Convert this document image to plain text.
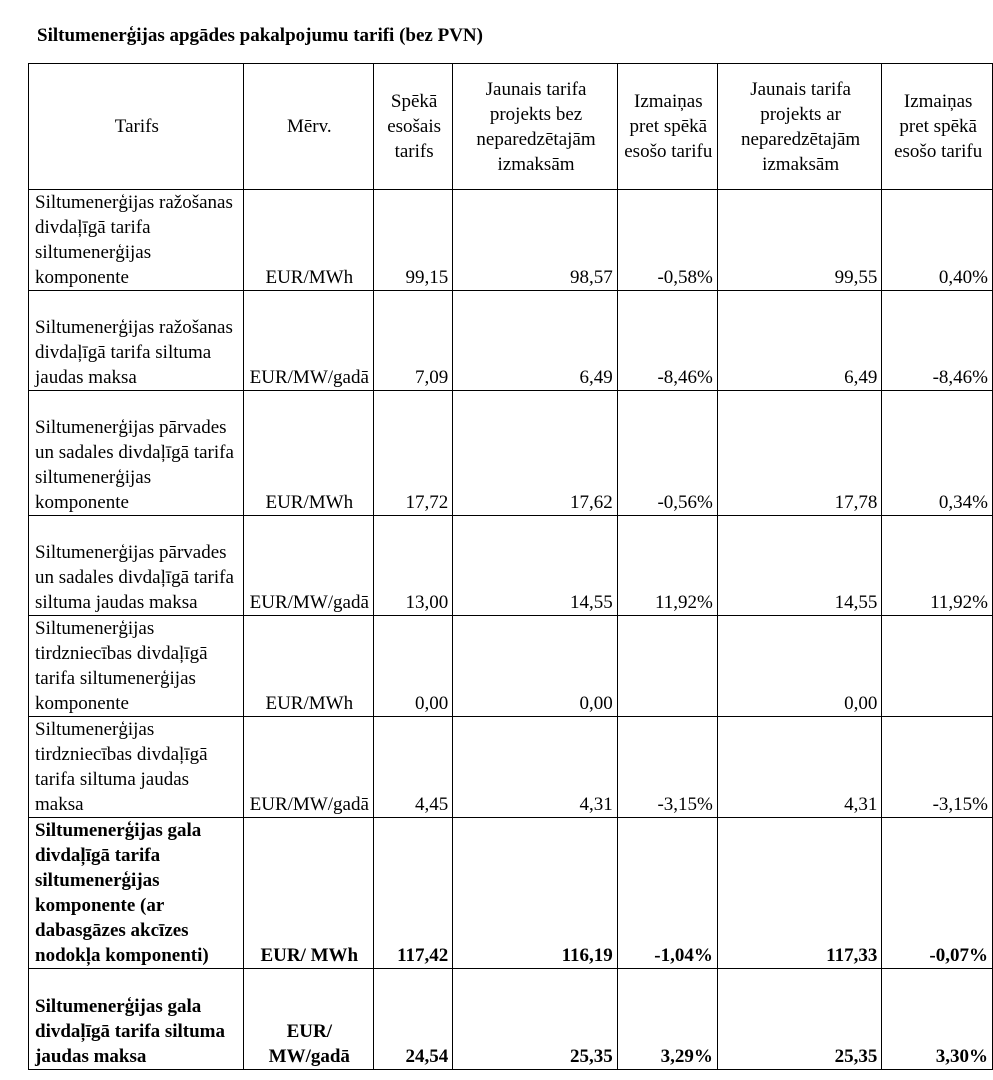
Siltumenerģijas apgādes pakalpojumu tarifi (bez PVN)
Tarifs	Mērv.	Spēkā esošais tarifs	Jaunais tarifa projekts bez neparedzētajām izmaksām	Izmaiņas pret spēkā esošo tarifu	Jaunais tarifa projekts ar neparedzētajām izmaksām	Izmaiņas pret spēkā esošo tarifu
Siltumenerģijas ražošanas divdaļīgā tarifa siltumenerģijas komponente	EUR/MWh	99,15	98,57	-0,58%	99,55	0,40%
Siltumenerģijas ražošanas divdaļīgā tarifa siltuma jaudas maksa	EUR/MW/gadā	7,09	6,49	-8,46%	6,49	-8,46%
Siltumenerģijas pārvades un sadales divdaļīgā tarifa siltumenerģijas komponente	EUR/MWh	17,72	17,62	-0,56%	17,78	0,34%
Siltumenerģijas pārvades un sadales divdaļīgā tarifa siltuma jaudas maksa	EUR/MW/gadā	13,00	14,55	11,92%	14,55	11,92%
Siltumenerģijas tirdzniecības divdaļīgā tarifa siltumenerģijas komponente	EUR/MWh	0,00	0,00		0,00	
Siltumenerģijas tirdzniecības divdaļīgā tarifa siltuma jaudas maksa	EUR/MW/gadā	4,45	4,31	-3,15%	4,31	-3,15%
Siltumenerģijas gala divdaļīgā tarifa siltumenerģijas komponente (ar dabasgāzes akcīzes nodokļa komponenti)	EUR/ MWh	117,42	116,19	-1,04%	117,33	-0,07%
Siltumenerģijas gala divdaļīgā tarifa siltuma jaudas maksa	EUR/ MW/gadā	24,54	25,35	3,29%	25,35	3,30%
